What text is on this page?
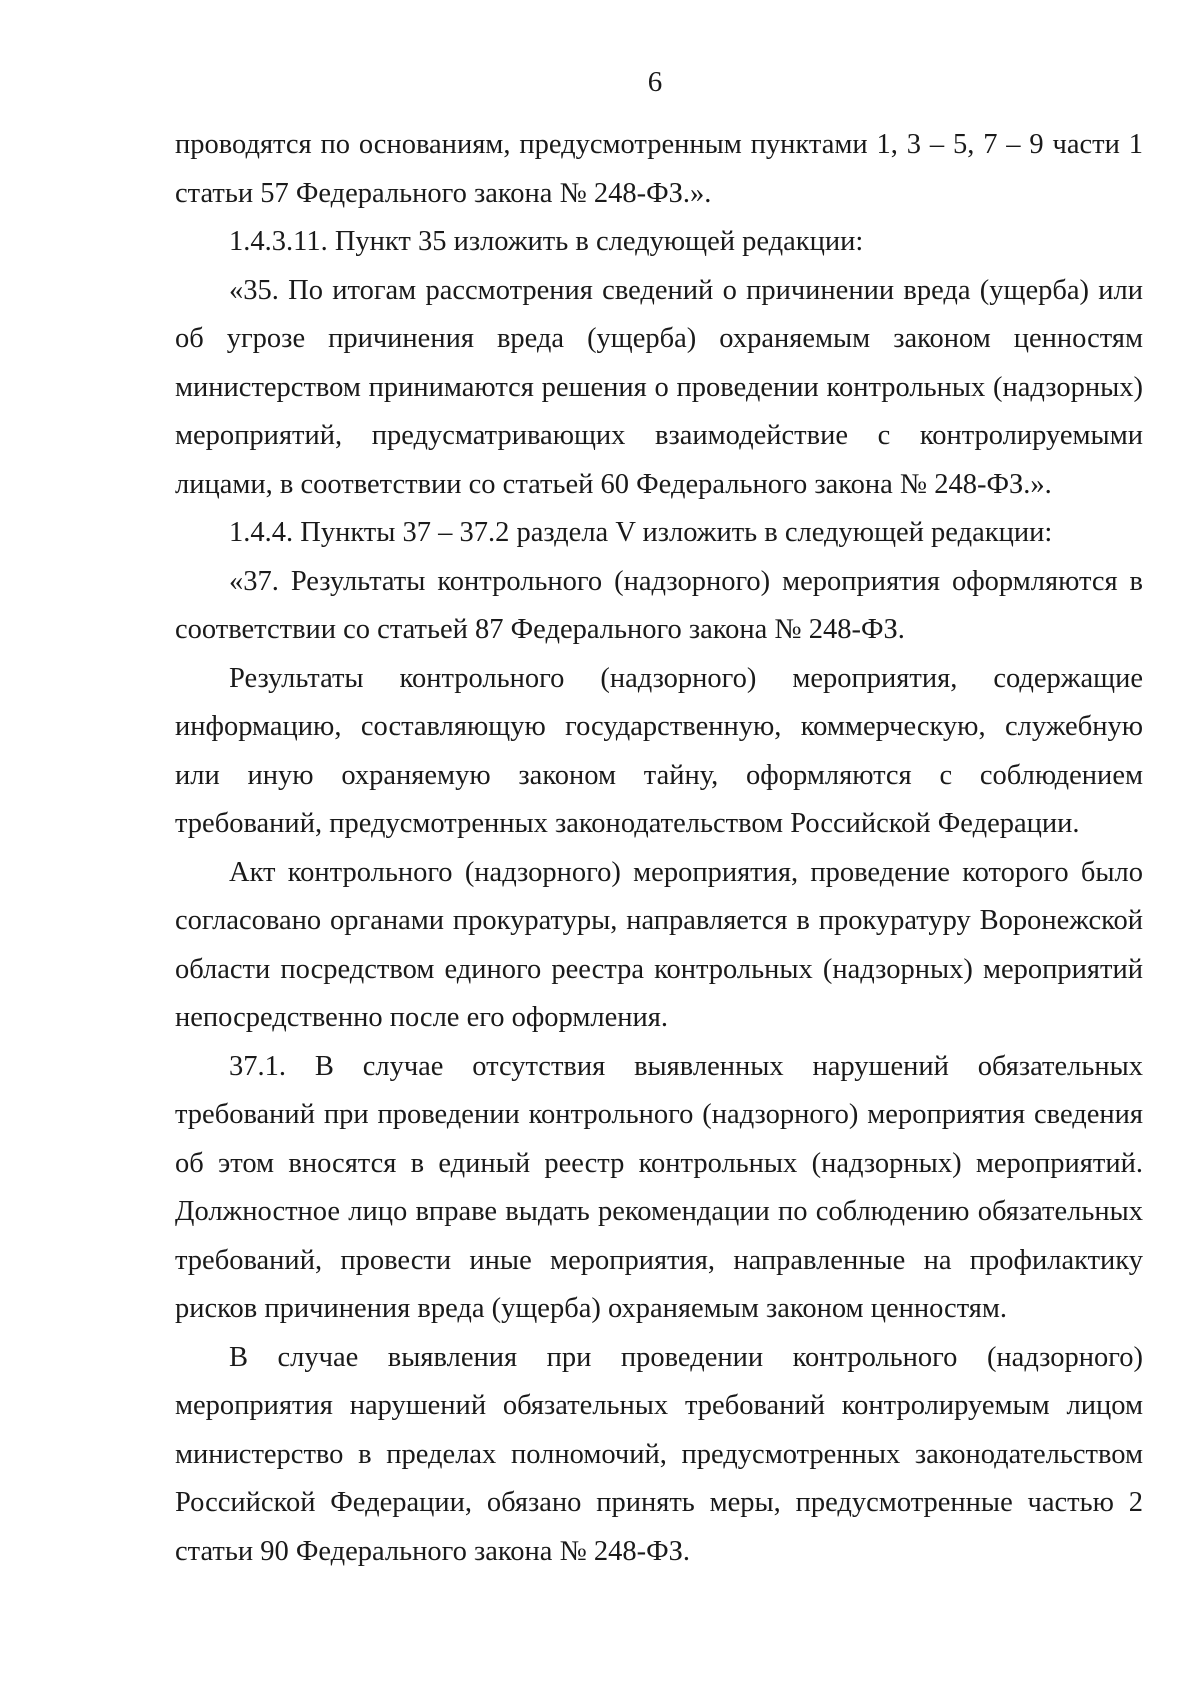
6

проводятся по основаниям, предусмотренным пунктами 1, 3 – 5, 7 – 9 части 1 статьи 57 Федерального закона № 248-ФЗ.».

1.4.3.11. Пункт 35 изложить в следующей редакции:

«35. По итогам рассмотрения сведений о причинении вреда (ущерба) или об угрозе причинения вреда (ущерба) охраняемым законом ценностям министерством принимаются решения о проведении контрольных (надзорных) мероприятий, предусматривающих взаимодействие с контролируемыми лицами, в соответствии со статьей 60 Федерального закона № 248-ФЗ.».

1.4.4. Пункты 37 – 37.2 раздела V изложить в следующей редакции:

«37. Результаты контрольного (надзорного) мероприятия оформляются в соответствии со статьей 87 Федерального закона № 248-ФЗ.

Результаты контрольного (надзорного) мероприятия, содержащие информацию, составляющую государственную, коммерческую, служебную или иную охраняемую законом тайну, оформляются с соблюдением требований, предусмотренных законодательством Российской Федерации.

Акт контрольного (надзорного) мероприятия, проведение которого было согласовано органами прокуратуры, направляется в прокуратуру Воронежской области посредством единого реестра контрольных (надзорных) мероприятий непосредственно после его оформления.

37.1. В случае отсутствия выявленных нарушений обязательных требований при проведении контрольного (надзорного) мероприятия сведения об этом вносятся в единый реестр контрольных (надзорных) мероприятий. Должностное лицо вправе выдать рекомендации по соблюдению обязательных требований, провести иные мероприятия, направленные на профилактику рисков причинения вреда (ущерба) охраняемым законом ценностям.

В случае выявления при проведении контрольного (надзорного) мероприятия нарушений обязательных требований контролируемым лицом министерство в пределах полномочий, предусмотренных законодательством Российской Федерации, обязано принять меры, предусмотренные частью 2 статьи 90 Федерального закона № 248-ФЗ.
